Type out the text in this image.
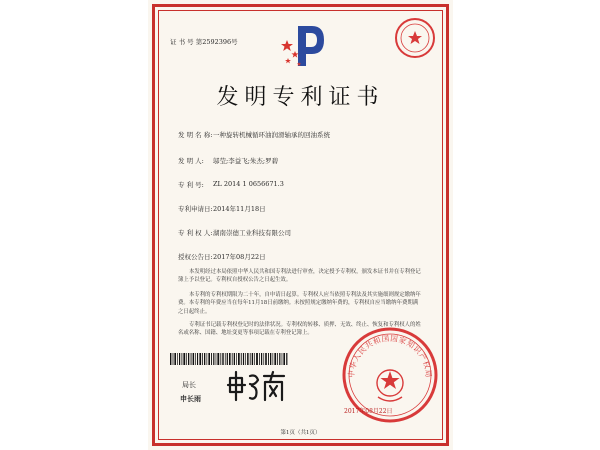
证 书 号 第2592396号
发明专利证书
发 明 名 称: 一种旋转机械循环油润滑轴承的回油系统
发 明 人: 邬莹;李益飞;朱杰;罗碧
专 利 号: ZL 2014 1 0656671.3
专利申请日: 2014年11月18日
专 利 权 人: 湖南崇德工业科技有限公司
授权公告日: 2017年08月22日
本发明经过本局依照中华人民共和国专利法进行审查，决定授予专利权，颁发本证书并在专利登记簿上予以登记。专利权自授权公告之日起生效。
本专利的专利权期限为二十年，自申请日起算。专利权人应当依照专利法及其实施细则规定缴纳年费。本专利的年费应当在每年11月18日前缴纳。未按照规定缴纳年费的，专利权自应当缴纳年费期满之日起终止。
专利证书记载专利权登记时的法律状况。专利权的转移、质押、无效、终止、恢复和专利权人的姓名或名称、国籍、地址变更等事项记载在专利登记簿上。
局长
申长雨
中华人民共和国国家知识产权局
2017年08月22日
第1页（共1页）
